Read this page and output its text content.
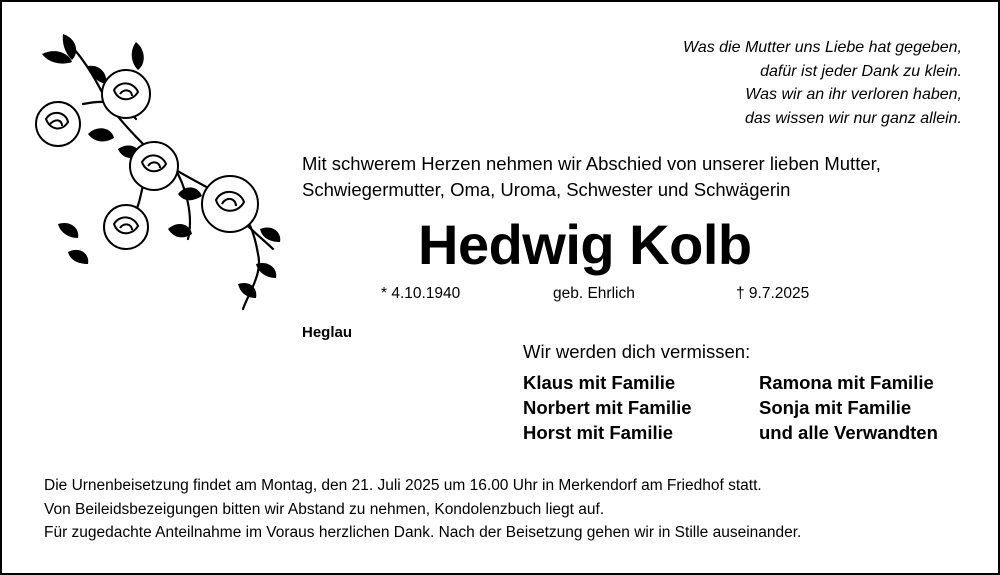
Was die Mutter uns Liebe hat gegeben,
dafür ist jeder Dank zu klein.
Was wir an ihr verloren haben,
das wissen wir nur ganz allein.
Mit schwerem Herzen nehmen wir Abschied von unserer lieben Mutter,
Schwiegermutter, Oma, Uroma, Schwester und Schwägerin
Hedwig Kolb
* 4.10.1940	geb. Ehrlich	† 9.7.2025
Heglau
Wir werden dich vermissen:
Klaus mit Familie
Norbert mit Familie
Horst mit Familie
Ramona mit Familie
Sonja mit Familie
und alle Verwandten
Die Urnenbeisetzung findet am Montag, den 21. Juli 2025 um 16.00 Uhr in Merkendorf am Friedhof statt.
Von Beileidsbezeigungen bitten wir Abstand zu nehmen, Kondolenzbuch liegt auf.
Für zugedachte Anteilnahme im Voraus herzlichen Dank. Nach der Beisetzung gehen wir in Stille auseinander.
